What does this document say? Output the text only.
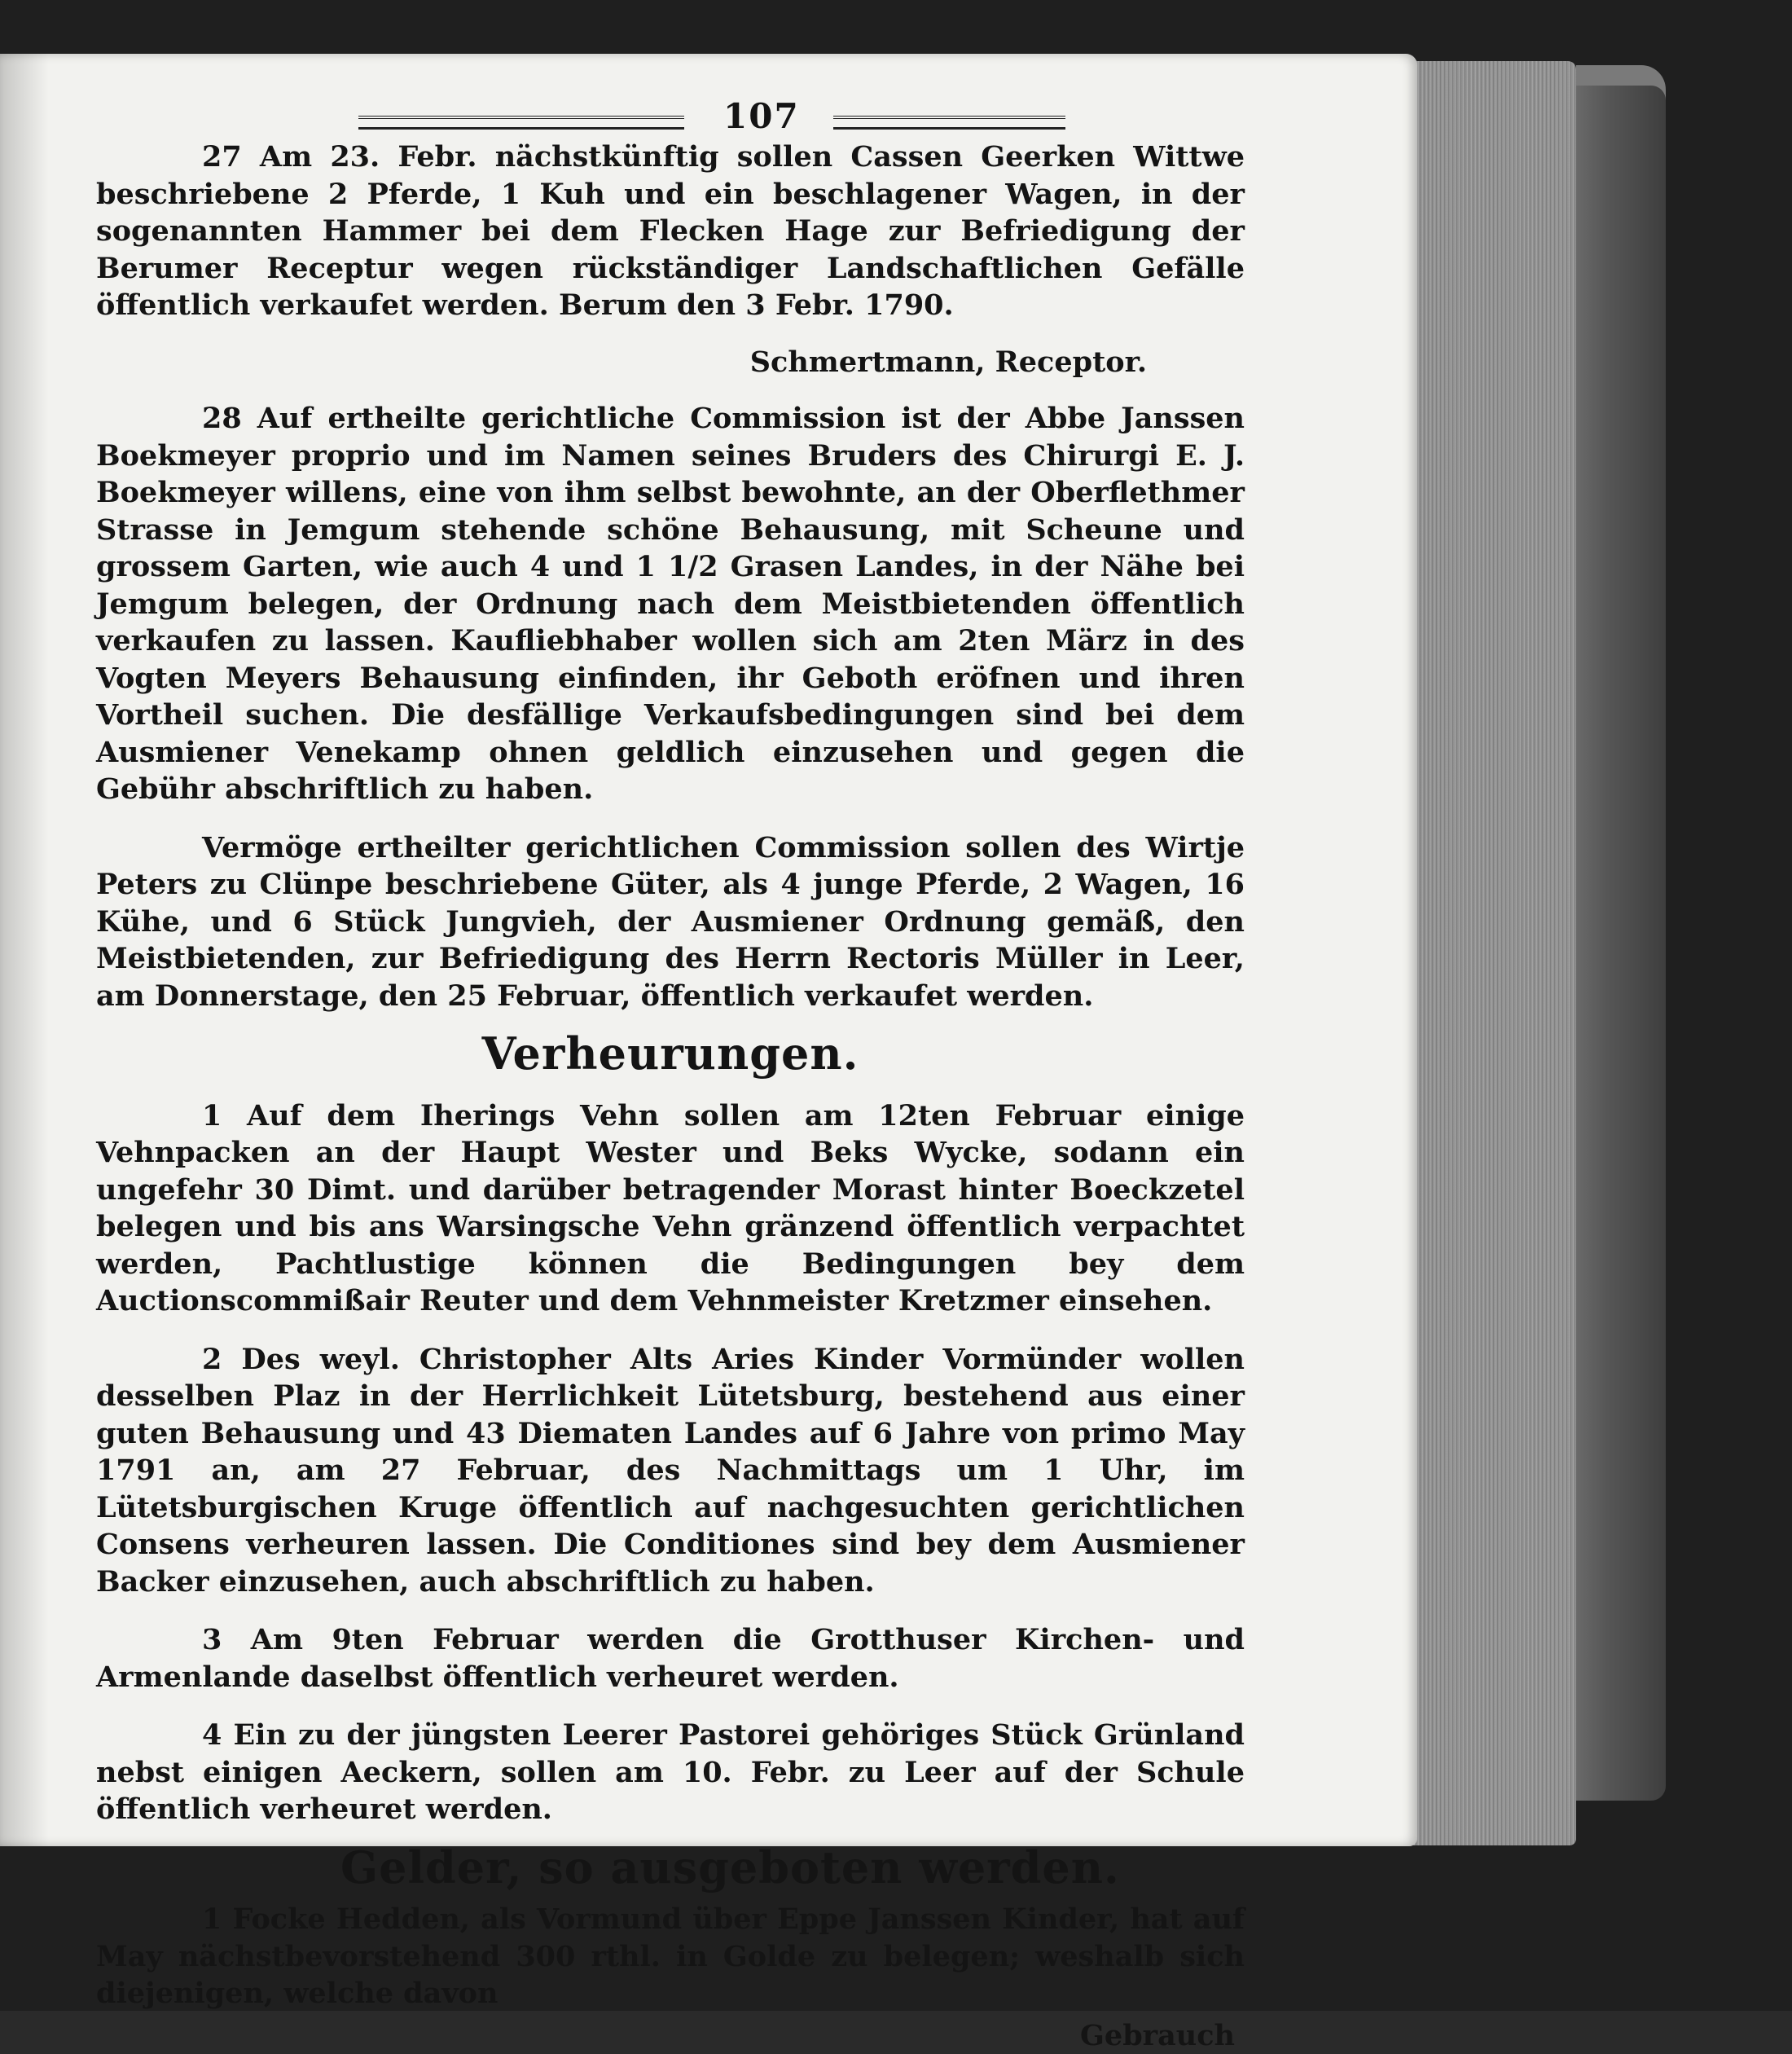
107

27 Am 23. Febr. nächstkünftig sollen Cassen Geerken Wittwe beschriebene 2 Pferde, 1 Kuh und ein beschlagener Wagen, in der sogenannten Hammer bei dem Flecken Hage zur Befriedigung der Berumer Receptur wegen rückständiger Landschaftlichen Gefälle öffentlich verkaufet werden. Berum den 3 Febr. 1790.

Schmertmann, Receptor.

28 Auf ertheilte gerichtliche Commission ist der Abbe Janssen Boekmeyer proprio und im Namen seines Bruders des Chirurgi E. J. Boekmeyer willens, eine von ihm selbst bewohnte, an der Oberflethmer Strasse in Jemgum stehende schöne Behausung, mit Scheune und grossem Garten, wie auch 4 und 1 1/2 Grasen Landes, in der Nähe bei Jemgum belegen, der Ordnung nach dem Meistbietenden öffentlich verkaufen zu lassen. Kaufliebhaber wollen sich am 2ten März in des Vogten Meyers Behausung einfinden, ihr Geboth eröfnen und ihren Vortheil suchen. Die desfällige Verkaufsbedingungen sind bei dem Ausmiener Venekamp ohnen geldlich einzusehen und gegen die Gebühr abschriftlich zu haben.

Vermöge ertheilter gerichtlichen Commission sollen des Wirtje Peters zu Clünpe beschriebene Güter, als 4 junge Pferde, 2 Wagen, 16 Kühe, und 6 Stück Jungvieh, der Ausmiener Ordnung gemäß, den Meistbietenden, zur Befriedigung des Herrn Rectoris Müller in Leer, am Donnerstage, den 25 Februar, öffentlich verkaufet werden.

Verheurungen.

1 Auf dem Iherings Vehn sollen am 12ten Februar einige Vehnpacken an der Haupt Wester und Beks Wycke, sodann ein ungefehr 30 Dimt. und darüber betragender Morast hinter Boeckzetel belegen und bis ans Warsingsche Vehn gränzend öffentlich verpachtet werden, Pachtlustige können die Bedingungen bey dem Auctionscommißair Reuter und dem Vehnmeister Kretzmer einsehen.

2 Des weyl. Christopher Alts Aries Kinder Vormünder wollen desselben Plaz in der Herrlichkeit Lütetsburg, bestehend aus einer guten Behausung und 43 Diematen Landes auf 6 Jahre von primo May 1791 an, am 27 Februar, des Nachmittags um 1 Uhr, im Lütetsburgischen Kruge öffentlich auf nachgesuchten gerichtlichen Consens verheuren lassen. Die Conditiones sind bey dem Ausmiener Backer einzusehen, auch abschriftlich zu haben.

3 Am 9ten Februar werden die Grotthuser Kirchen- und Armenlande daselbst öffentlich verheuret werden.

4 Ein zu der jüngsten Leerer Pastorei gehöriges Stück Grünland nebst einigen Aeckern, sollen am 10. Febr. zu Leer auf der Schule öffentlich verheuret werden.

Gelder, so ausgeboten werden.

1 Focke Hedden, als Vormund über Eppe Janssen Kinder, hat auf May nächstbevorstehend 300 rthl. in Golde zu belegen; weshalb sich diejenigen, welche davon

Gebrauch
